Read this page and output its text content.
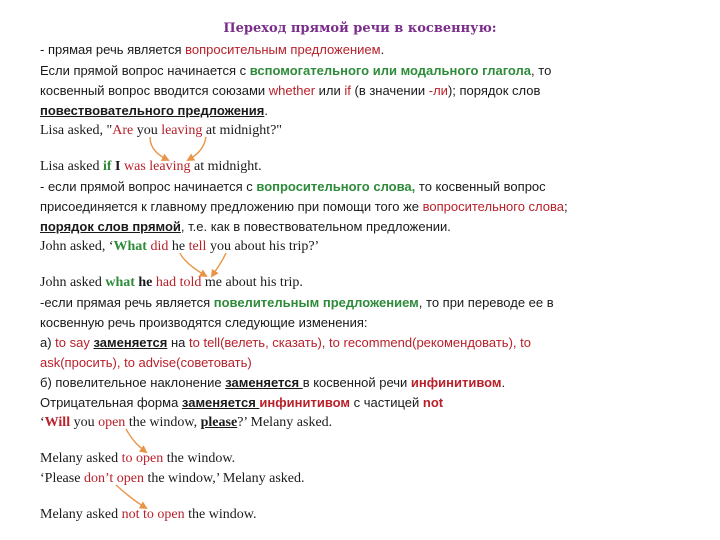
Переход прямой речи в косвенную:
- прямая речь является вопросительным предложением.
Если прямой вопрос начинается с вспомогательного или модального глагола, то
косвенный вопрос вводится союзами whether или if (в значении -ли); порядок слов
повествовательного предложения.
Lisa asked, "Are you leaving at midnight?"
Lisa asked if I was leaving at midnight.
- если прямой вопрос начинается с вопросительного слова, то косвенный вопрос
присоединяется к главному предложению при помощи того же вопросительного слова;
порядок слов прямой, т.е. как в повествовательном предложении.
John asked, ‘What did he tell you about his trip?’
John asked what he had told me about his trip.
-если прямая речь является повелительным предложением, то при переводе ее в
косвенную речь производятся следующие изменения:
а) to say заменяется на to tell(велеть, сказать), to recommend(рекомендовать), to
ask(просить), to advise(советовать)
б) повелительное наклонение заменяется в косвенной речи инфинитивом.
Отрицательная форма заменяется инфинитивом с частицей not
‘Will you open the window, please?’ Melany asked.
Melany asked to open the window.
‘Please don’t open the window,’ Melany asked.
Melany asked not to open the window.
